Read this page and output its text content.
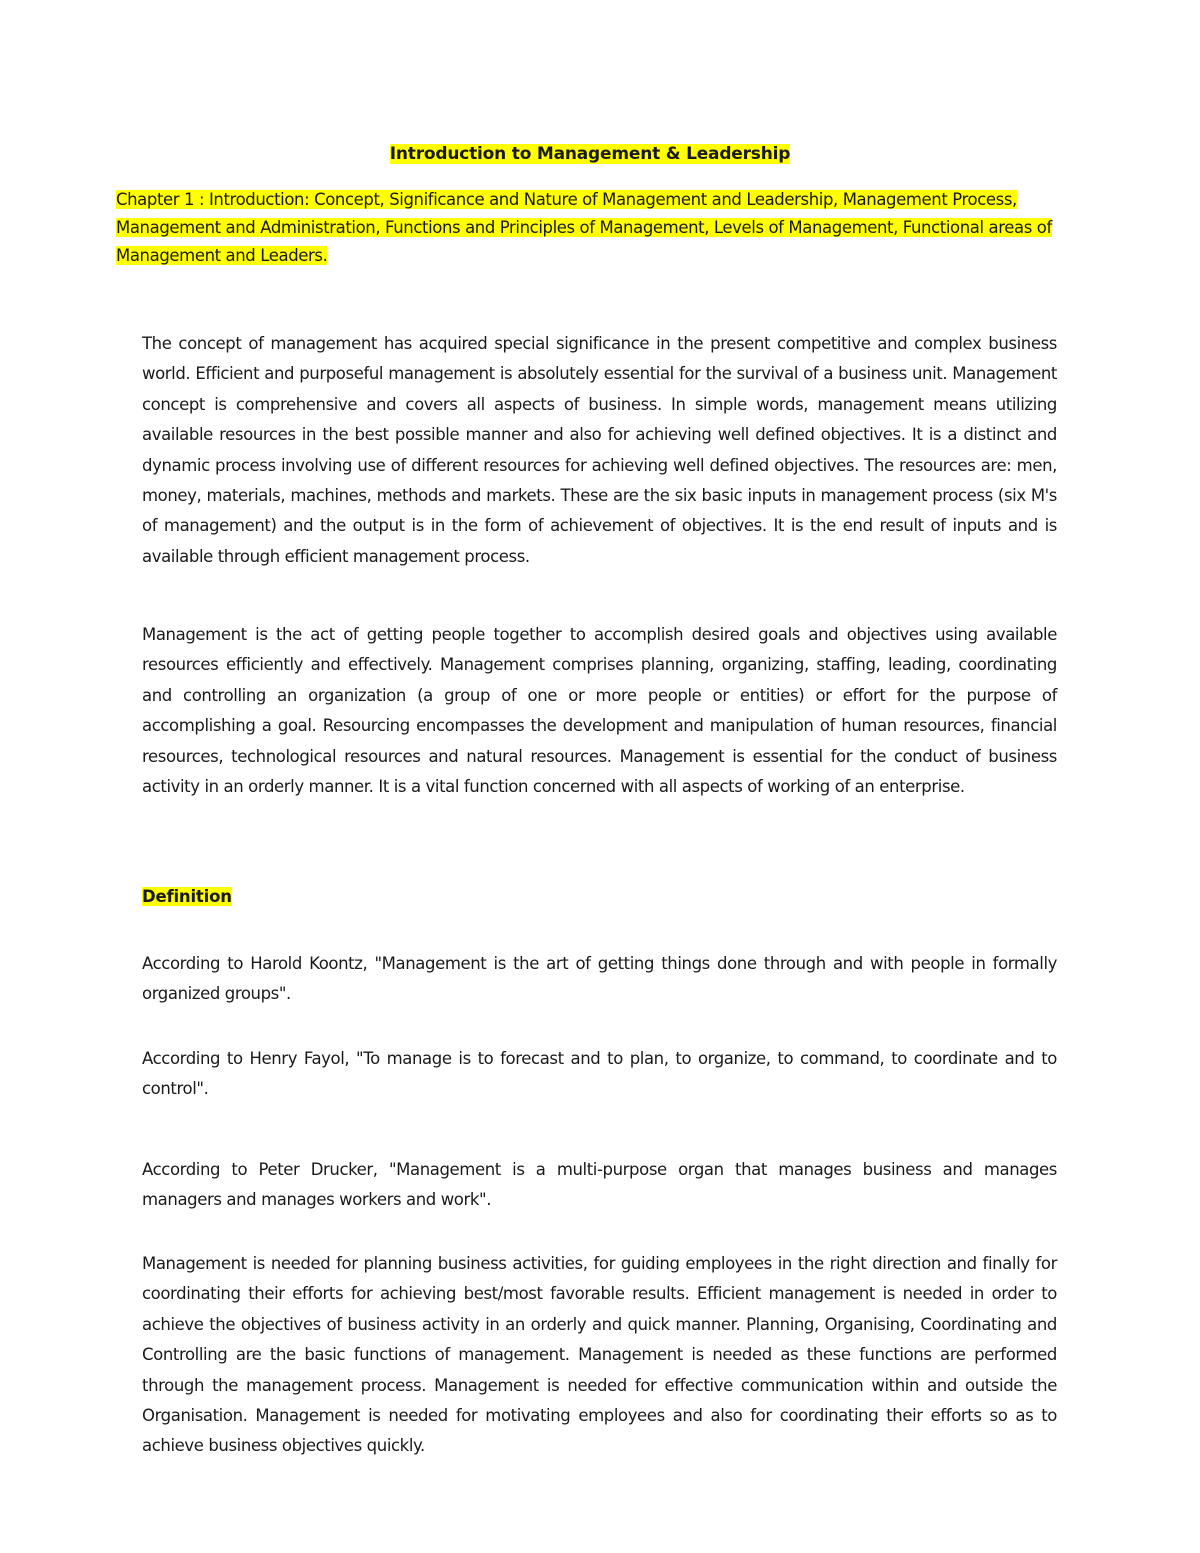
Introduction to Management & Leadership
Chapter 1 : Introduction: Concept, Significance and Nature of Management and Leadership, Management Process, Management and Administration, Functions and Principles of Management, Levels of Management, Functional areas of Management and Leaders.

The concept of management has acquired special significance in the present competitive and complex business world. Efficient and purposeful management is absolutely essential for the survival of a business unit. Management concept is comprehensive and covers all aspects of business. In simple words, management means utilizing available resources in the best possible manner and also for achieving well defined objectives. It is a distinct and dynamic process involving use of different resources for achieving well defined objectives. The resources are: men, money, materials, machines, methods and markets. These are the six basic inputs in management process (six M's of management) and the output is in the form of achievement of objectives. It is the end result of inputs and is available through efficient management process.

Management is the act of getting people together to accomplish desired goals and objectives using available resources efficiently and effectively. Management comprises planning, organizing, staffing, leading, coordinating and controlling an organization (a group of one or more people or entities) or effort for the purpose of accomplishing a goal. Resourcing encompasses the development and manipulation of human resources, financial resources, technological resources and natural resources. Management is essential for the conduct of business activity in an orderly manner. It is a vital function concerned with all aspects of working of an enterprise.

Definition

According to Harold Koontz, "Management is the art of getting things done through and with people in formally organized groups".

According to Henry Fayol, "To manage is to forecast and to plan, to organize, to command, to coordinate and to control".

According to Peter Drucker, "Management is a multi-purpose organ that manages business and manages managers and manages workers and work".

Management is needed for planning business activities, for guiding employees in the right direction and finally for coordinating their efforts for achieving best/most favorable results. Efficient management is needed in order to achieve the objectives of business activity in an orderly and quick manner. Planning, Organising, Coordinating and Controlling are the basic functions of management. Management is needed as these functions are performed through the management process. Management is needed for effective communication within and outside the Organisation. Management is needed for motivating employees and also for coordinating their efforts so as to achieve business objectives quickly.
